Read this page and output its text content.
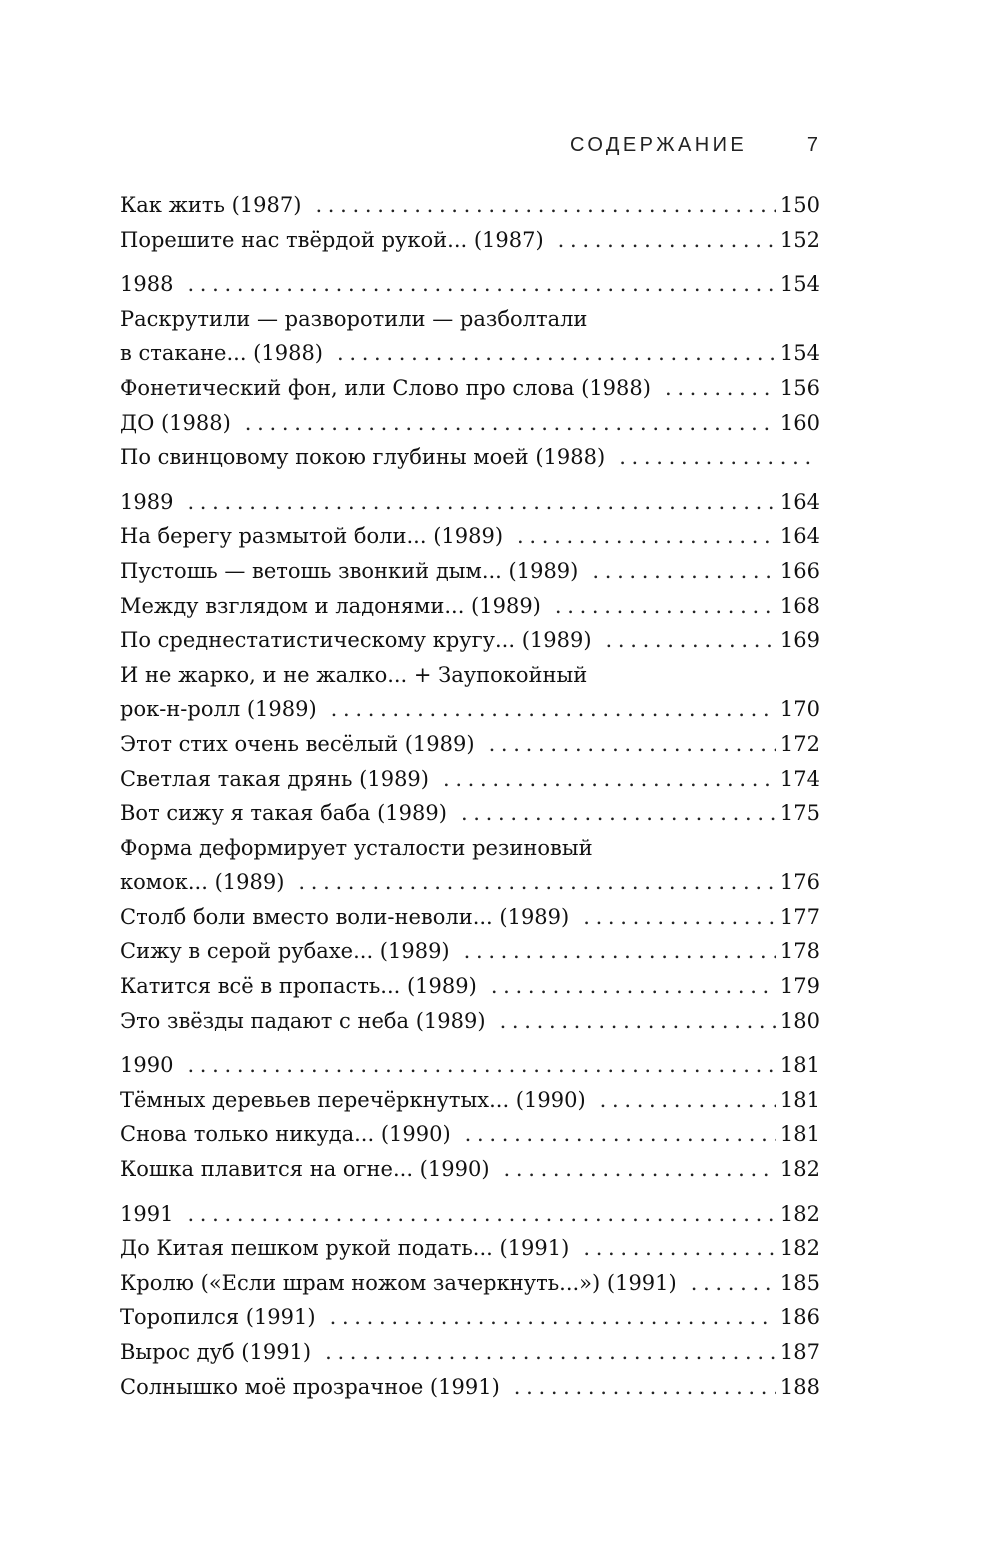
СОДЕРЖАНИЕ	7
Как жить (1987) . . .	150
Порешите нас твёрдой рукой... (1987) . . .	152
1988 . . .	154
Раскрутили — разворотили — разболтали
в стакане... (1988) . . .	154
Фонетический фон, или Слово про слова (1988) . . .	156
ДО (1988) . . .	160
По свинцовому покою глубины моей (1988)
. . .
1989 . . .	164
На берегу размытой боли... (1989) . . .	164
Пустошь — ветошь звонкий дым... (1989) . . .	166
Между взглядом и ладонями... (1989) . . .	168
По среднестатистическому кругу... (1989) . . .	169
И не жарко, и не жалко... + Заупокойный
рок-н-ролл (1989) . . .	170
Этот стих очень весёлый (1989) . . .	172
Светлая такая дрянь (1989) . . .	174
Вот сижу я такая баба (1989) . . .	175
Форма деформирует усталости резиновый
комок... (1989) . . .	176
Столб боли вместо воли-неволи... (1989) . . .	177
Сижу в серой рубахе... (1989) . . .	178
Катится всё в пропасть... (1989) . . .	179
Это звёзды падают с неба (1989) . . .	180
1990 . . .	181
Тёмных деревьев перечёркнутых... (1990) . . .	181
Снова только никуда... (1990) . . .	181
Кошка плавится на огне... (1990) . . .	182
1991 . . .	182
До Китая пешком рукой подать... (1991) . . .	182
Кролю («Если шрам ножом зачеркнуть...») (1991) . . .	185
Торопился (1991) . . .	186
Вырос дуб (1991) . . .	187
Солнышко моё прозрачное (1991) . . .	188
